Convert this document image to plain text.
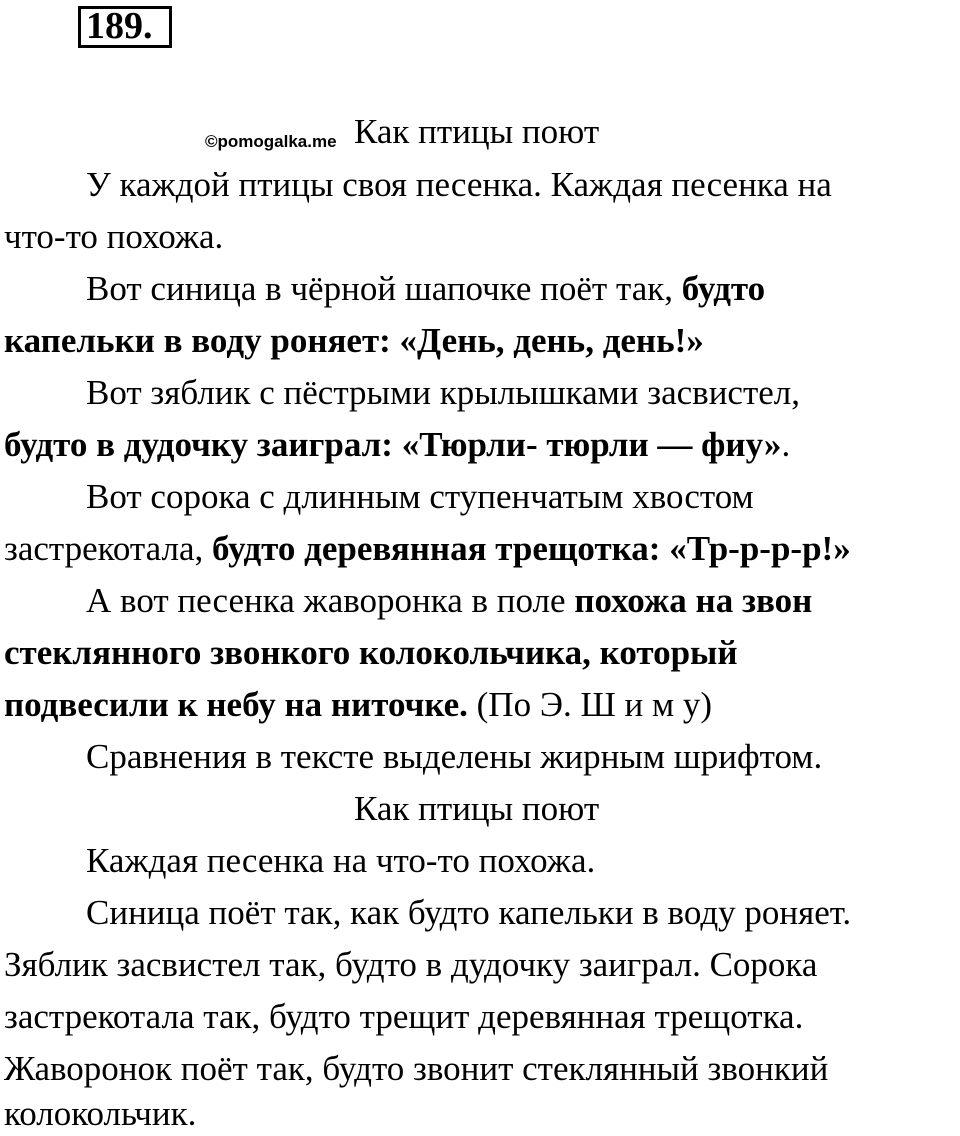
189.
©pomogalka.me Как птицы поют
У каждой птицы своя песенка. Каждая песенка на
что-то похожа.
Вот синица в чёрной шапочке поёт так, будто
капельки в воду роняет: «День, день, день!»
Вот зяблик с пёстрыми крылышками засвистел,
будто в дудочку заиграл: «Тюрли- тюрли — фиу».
Вот сорока с длинным ступенчатым хвостом
застрекотала, будто деревянная трещотка: «Тр-р-р-р!»
А вот песенка жаворонка в поле похожа на звон
стеклянного звонкого колокольчика, который
подвесили к небу на ниточке. (По Э. Ш и м у)
Сравнения в тексте выделены жирным шрифтом.
Как птицы поют
Каждая песенка на что-то похожа.
Синица поёт так, как будто капельки в воду роняет.
Зяблик засвистел так, будто в дудочку заиграл. Сорока
застрекотала так, будто трещит деревянная трещотка.
Жаворонок поёт так, будто звонит стеклянный звонкий
колокольчик.
